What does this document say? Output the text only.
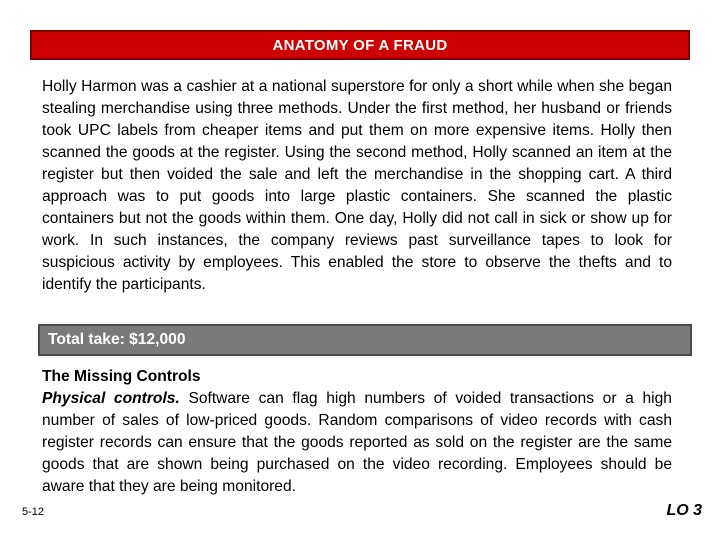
ANATOMY OF A FRAUD

Holly Harmon was a cashier at a national superstore for only a short while when she began stealing merchandise using three methods. Under the first method, her husband or friends took UPC labels from cheaper items and put them on more expensive items. Holly then scanned the goods at the register. Using the second method, Holly scanned an item at the register but then voided the sale and left the merchandise in the shopping cart. A third approach was to put goods into large plastic containers. She scanned the plastic containers but not the goods within them. One day, Holly did not call in sick or show up for work. In such instances, the company reviews past surveillance tapes to look for suspicious activity by employees. This enabled the store to observe the thefts and to identify the participants.

Total take: $12,000

The Missing Controls

Physical controls. Software can flag high numbers of voided transactions or a high number of sales of low-priced goods. Random comparisons of video records with cash register records can ensure that the goods reported as sold on the register are the same goods that are shown being purchased on the video recording. Employees should be aware that they are being monitored.

5-12	LO 3
